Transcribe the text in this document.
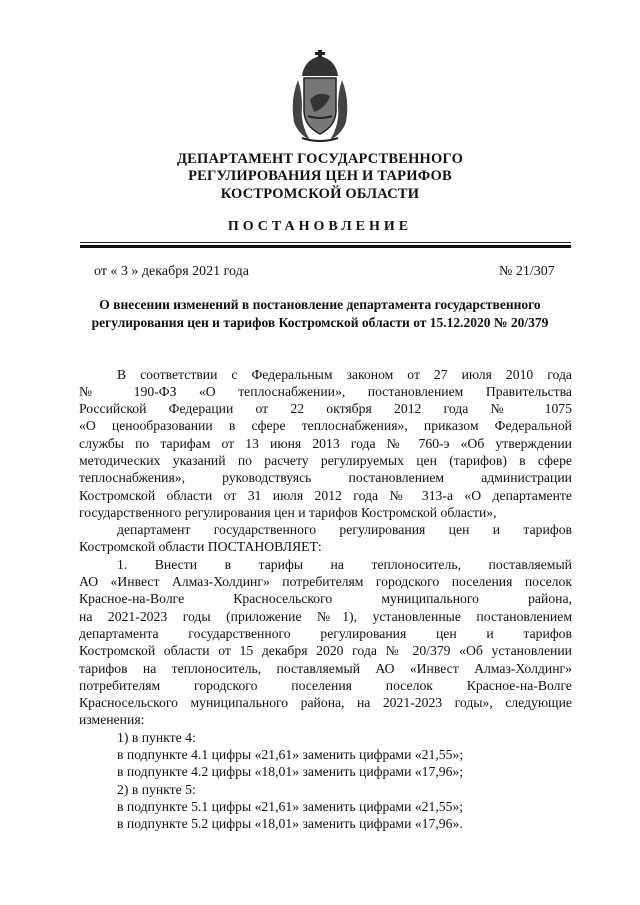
ДЕПАРТАМЕНТ ГОСУДАРСТВЕННОГО
РЕГУЛИРОВАНИЯ ЦЕН И ТАРИФОВ
КОСТРОМСКОЙ ОБЛАСТИ
ПОСТАНОВЛЕНИЕ
от « 3 » декабря 2021 года	№ 21/307
О внесении изменений в постановление департамента государственного
регулирования цен и тарифов Костромской области от 15.12.2020 № 20/379
В соответствии с Федеральным законом от 27 июля 2010 года
№ 190-ФЗ «О теплоснабжении», постановлением Правительства
Российской Федерации от 22 октября 2012 года № 1075
«О ценообразовании в сфере теплоснабжения», приказом Федеральной
службы по тарифам от 13 июня 2013 года № 760-э «Об утверждении
методических указаний по расчету регулируемых цен (тарифов) в сфере
теплоснабжения», руководствуясь постановлением администрации
Костромской области от 31 июля 2012 года № 313-а «О департаменте
государственного регулирования цен и тарифов Костромской области»,
департамент государственного регулирования цен и тарифов
Костромской области ПОСТАНОВЛЯЕТ:
1. Внести в тарифы на теплоноситель, поставляемый
АО «Инвест Алмаз-Холдинг» потребителям городского поселения поселок
Красное-на-Волге Красносельского муниципального района,
на 2021-2023 годы (приложение №1), установленные постановлением
департамента государственного регулирования цен и тарифов
Костромской области от 15 декабря 2020 года № 20/379 «Об установлении
тарифов на теплоноситель, поставляемый АО «Инвест Алмаз-Холдинг»
потребителям городского поселения поселок Красное-на-Волге
Красносельского муниципального района, на 2021-2023 годы», следующие
изменения:
1) в пункте 4:
в подпункте 4.1 цифры «21,61» заменить цифрами «21,55»;
в подпункте 4.2 цифры «18,01» заменить цифрами «17,96»;
2) в пункте 5:
в подпункте 5.1 цифры «21,61» заменить цифрами «21,55»;
в подпункте 5.2 цифры «18,01» заменить цифрами «17,96».
